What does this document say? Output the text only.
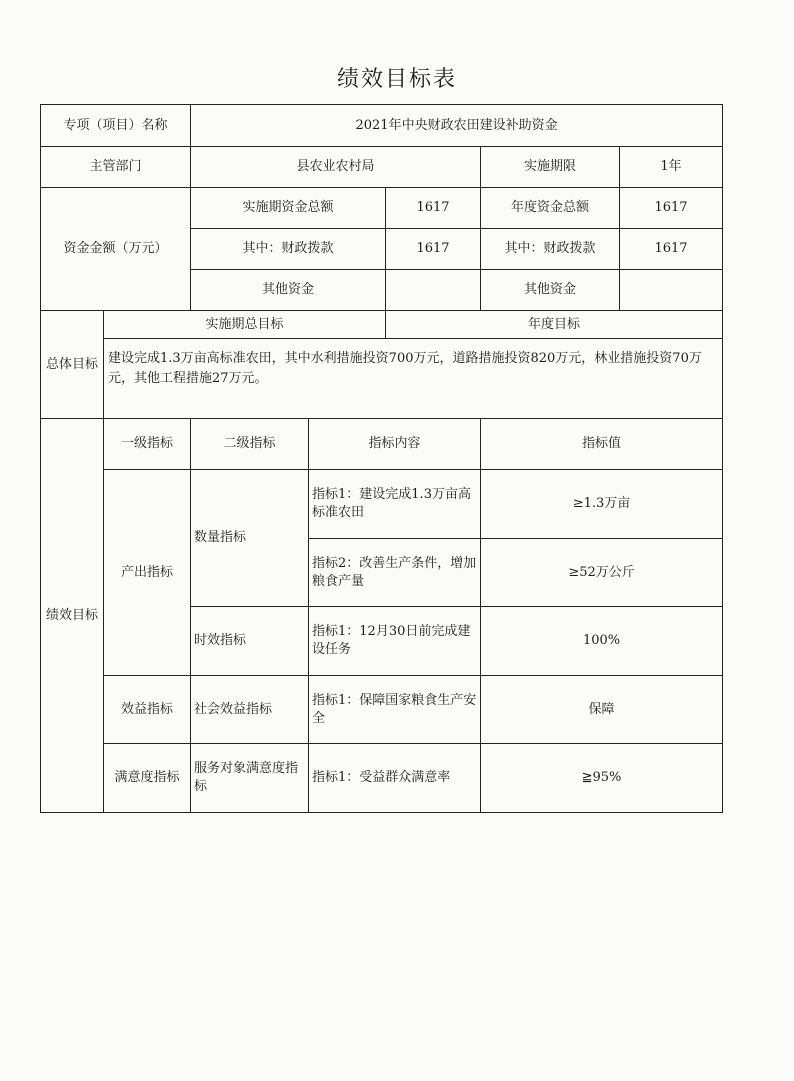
绩效目标表
专项（项目）名称		2021年中央财政农田建设补助资金				
主管部门		县农业农村局			实施期限	1年
资金金额（万元）		实施期资金总额		1617	年度资金总额	1617
		其中：财政拨款		1617	其中：财政拨款	1617
		其他资金			其他资金	
总体目标	实施期总目标			年度目标		
	建设完成1.3万亩高标准农田，其中水利措施投资700万元，道路措施投资820万元，林业措施投资70万元，其他工程措施27万元。					
绩效目标	一级指标	二级指标	指标内容		指标值	
	产出指标	数量指标	指标1：建设完成1.3万亩高标准农田		≥1.3万亩	
			指标2：改善生产条件，增加粮食产量		≥52万公斤	
		时效指标	指标1：12月30日前完成建设任务		100%	
	效益指标	社会效益指标	指标1：保障国家粮食生产安全		保障	
	满意度指标	服务对象满意度指标	指标1：受益群众满意率		≧95%	
